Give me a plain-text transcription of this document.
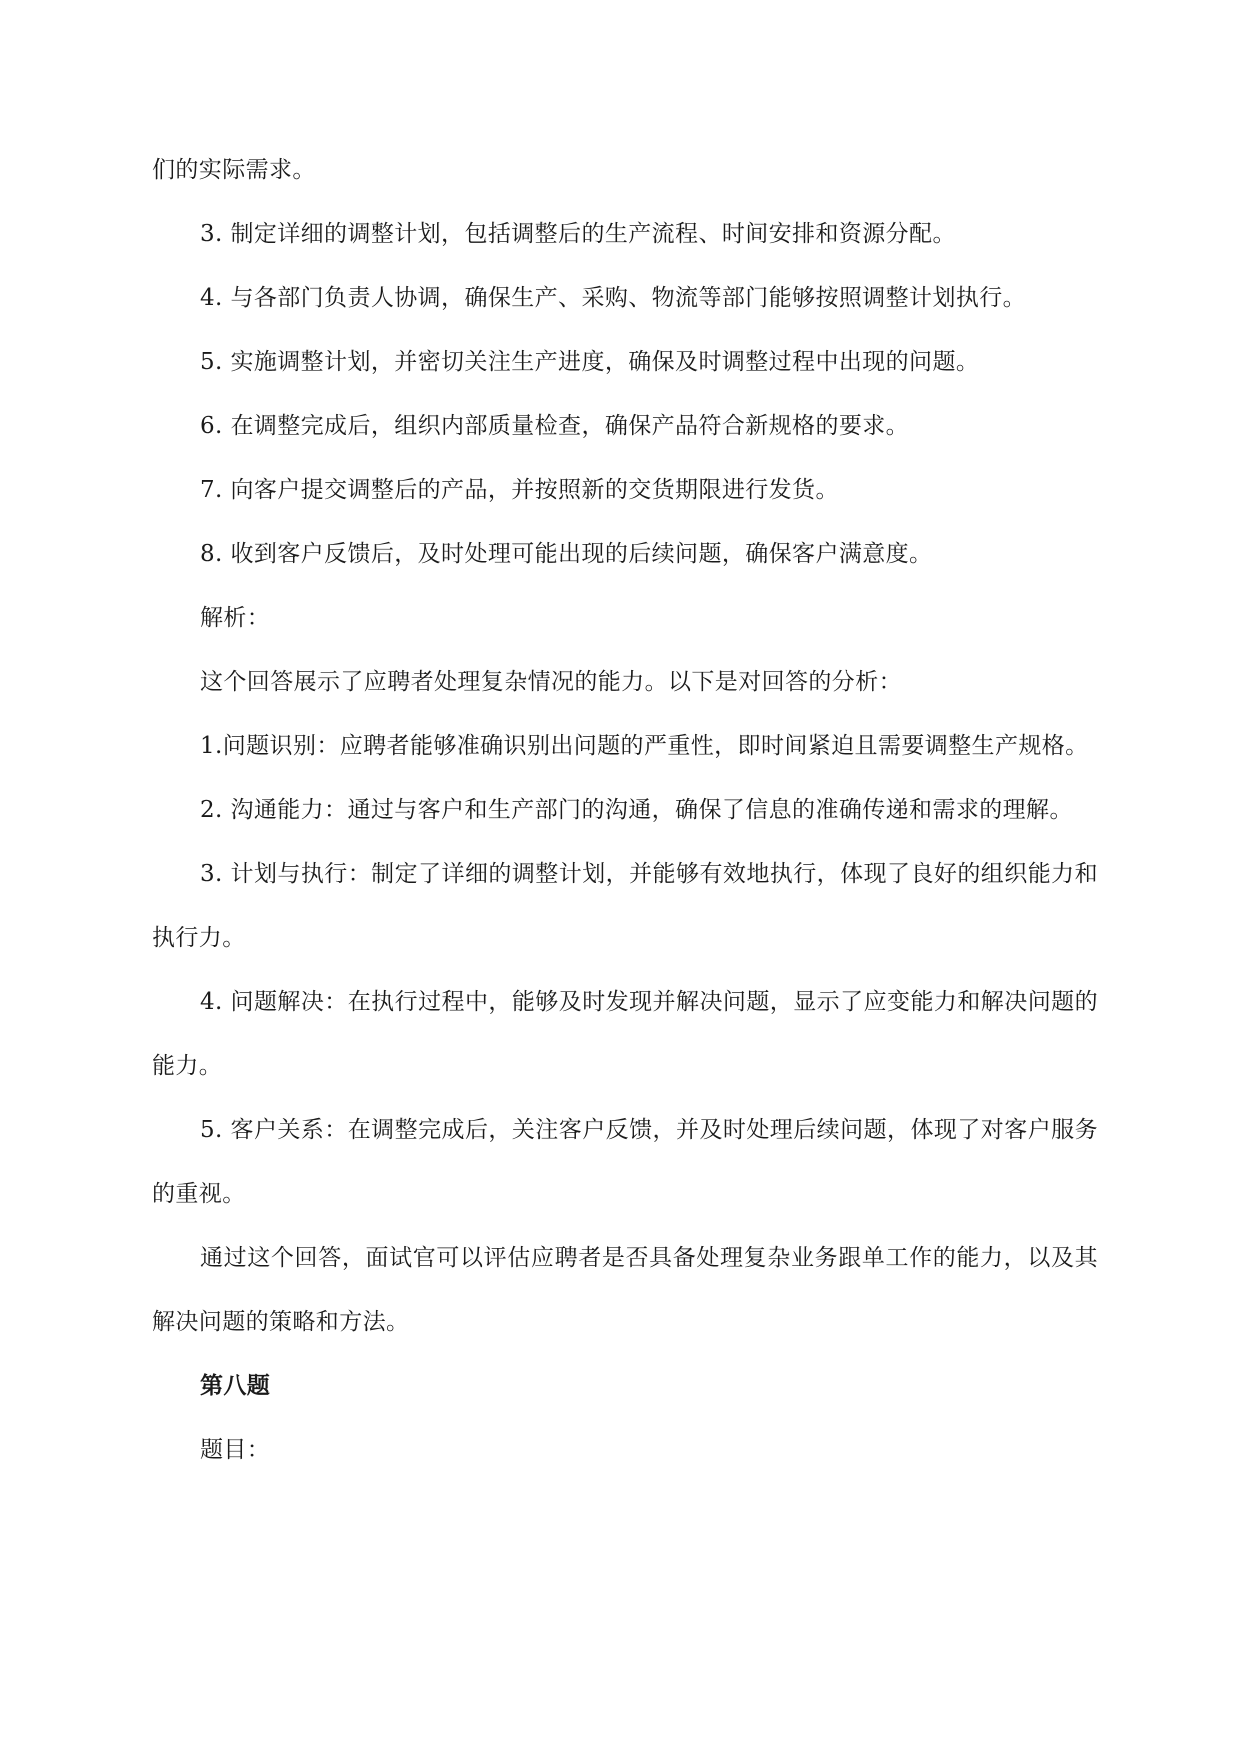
们的实际需求。

3. 制定详细的调整计划，包括调整后的生产流程、时间安排和资源分配。

4. 与各部门负责人协调，确保生产、采购、物流等部门能够按照调整计划执行。

5. 实施调整计划，并密切关注生产进度，确保及时调整过程中出现的问题。

6. 在调整完成后，组织内部质量检查，确保产品符合新规格的要求。

7. 向客户提交调整后的产品，并按照新的交货期限进行发货。

8. 收到客户反馈后，及时处理可能出现的后续问题，确保客户满意度。

解析：

这个回答展示了应聘者处理复杂情况的能力。以下是对回答的分析：

1.问题识别：应聘者能够准确识别出问题的严重性，即时间紧迫且需要调整生产规格。

2. 沟通能力：通过与客户和生产部门的沟通，确保了信息的准确传递和需求的理解。

3. 计划与执行：制定了详细的调整计划，并能够有效地执行，体现了良好的组织能力和执行力。

4. 问题解决：在执行过程中，能够及时发现并解决问题，显示了应变能力和解决问题的能力。

5. 客户关系：在调整完成后，关注客户反馈，并及时处理后续问题，体现了对客户服务的重视。

通过这个回答，面试官可以评估应聘者是否具备处理复杂业务跟单工作的能力，以及其解决问题的策略和方法。

第八题

题目：
